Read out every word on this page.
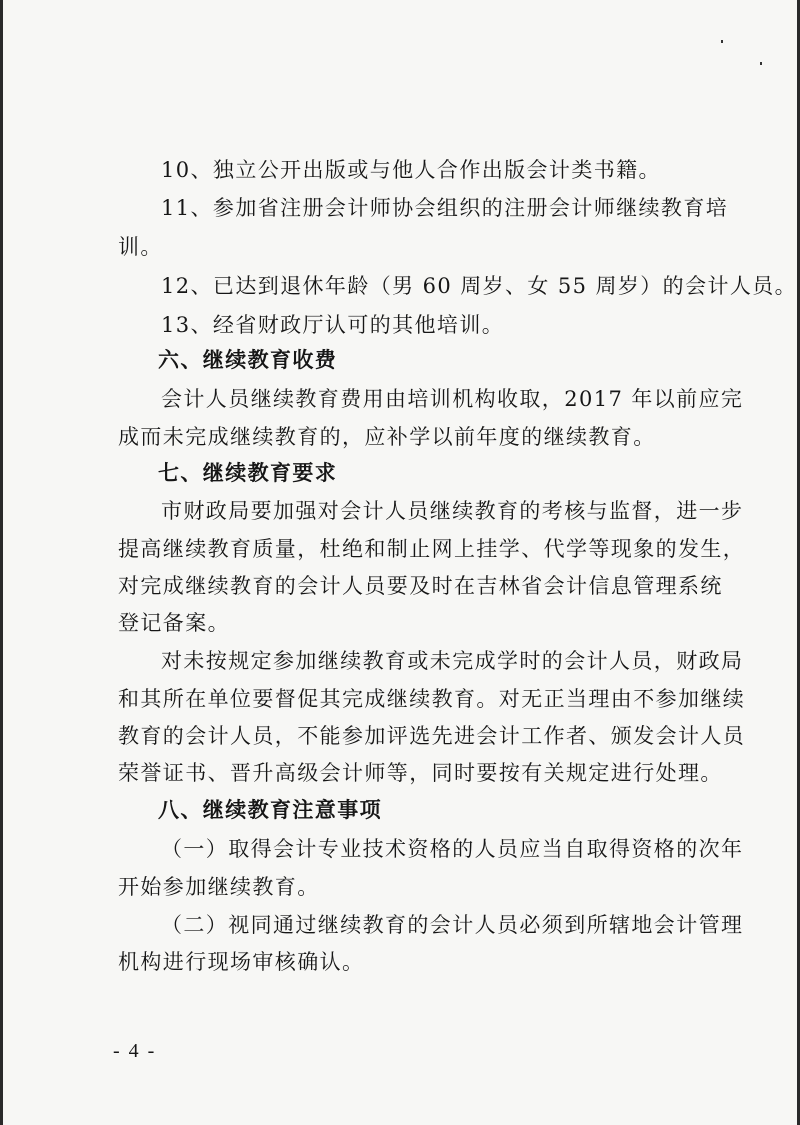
10、独立公开出版或与他人合作出版会计类书籍。
11、参加省注册会计师协会组织的注册会计师继续教育培
训。
12、已达到退休年龄（男 60 周岁、女 55 周岁）的会计人员。
13、经省财政厅认可的其他培训。
六、继续教育收费
会计人员继续教育费用由培训机构收取，2017 年以前应完
成而未完成继续教育的，应补学以前年度的继续教育。
七、继续教育要求
市财政局要加强对会计人员继续教育的考核与监督，进一步
提高继续教育质量，杜绝和制止网上挂学、代学等现象的发生，
对完成继续教育的会计人员要及时在吉林省会计信息管理系统
登记备案。
对未按规定参加继续教育或未完成学时的会计人员，财政局
和其所在单位要督促其完成继续教育。对无正当理由不参加继续
教育的会计人员，不能参加评选先进会计工作者、颁发会计人员
荣誉证书、晋升高级会计师等，同时要按有关规定进行处理。
八、继续教育注意事项
（一）取得会计专业技术资格的人员应当自取得资格的次年
开始参加继续教育。
（二）视同通过继续教育的会计人员必须到所辖地会计管理
机构进行现场审核确认。
- 4 -
